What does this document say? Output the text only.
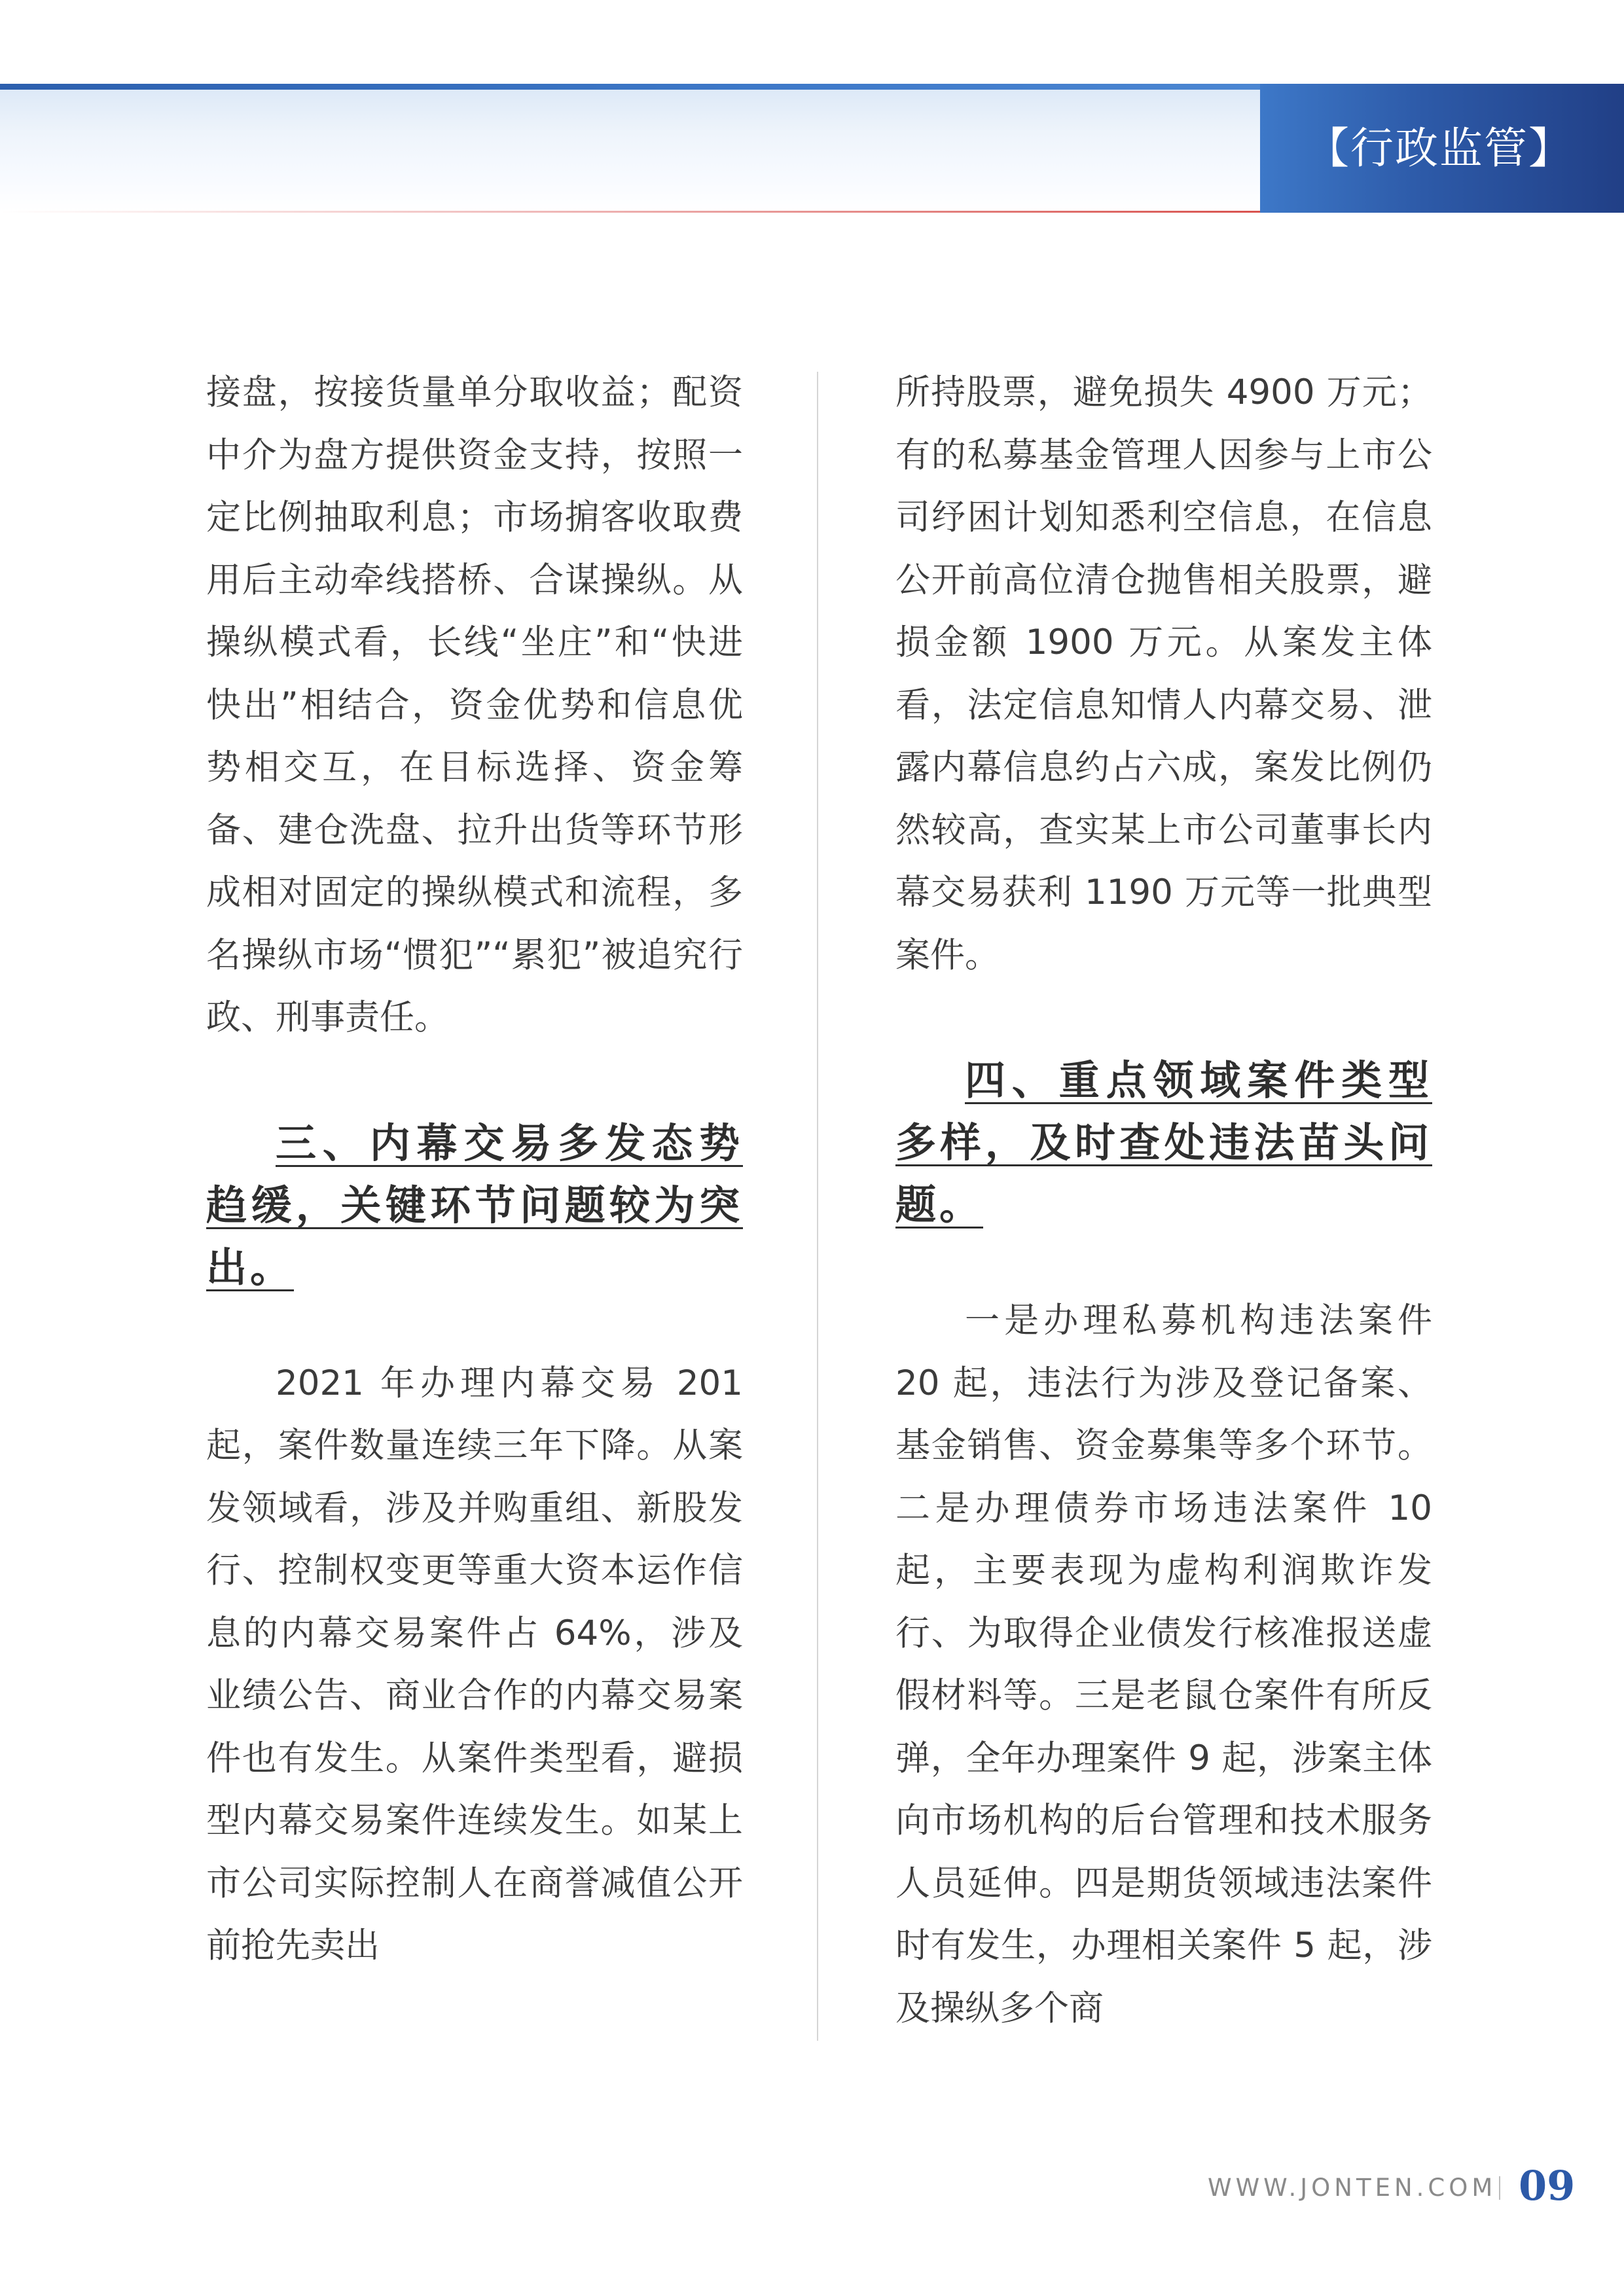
【行政监管】

接盘，按接货量单分取收益；配资中介为盘方提供资金支持，按照一定比例抽取利息；市场掮客收取费用后主动牵线搭桥、合谋操纵。从操纵模式看，长线“坐庄”和“快进快出”相结合，资金优势和信息优势相交互，在目标选择、资金筹备、建仓洗盘、拉升出货等环节形成相对固定的操纵模式和流程，多名操纵市场“惯犯”“累犯”被追究行政、刑事责任。

三、内幕交易多发态势趋缓，关键环节问题较为突出。

2021 年办理内幕交易 201 起，案件数量连续三年下降。从案发领域看，涉及并购重组、新股发行、控制权变更等重大资本运作信息的内幕交易案件占 64%，涉及业绩公告、商业合作的内幕交易案件也有发生。从案件类型看，避损型内幕交易案件连续发生。如某上市公司实际控制人在商誉减值公开前抢先卖出

所持股票，避免损失 4900 万元；有的私募基金管理人因参与上市公司纾困计划知悉利空信息，在信息公开前高位清仓抛售相关股票，避损金额 1900 万元。从案发主体看，法定信息知情人内幕交易、泄露内幕信息约占六成，案发比例仍然较高，查实某上市公司董事长内幕交易获利 1190 万元等一批典型案件。

四、重点领域案件类型多样，及时查处违法苗头问题。

一是办理私募机构违法案件 20 起，违法行为涉及登记备案、基金销售、资金募集等多个环节。二是办理债券市场违法案件 10 起，主要表现为虚构利润欺诈发行、为取得企业债发行核准报送虚假材料等。三是老鼠仓案件有所反弹，全年办理案件 9 起，涉案主体向市场机构的后台管理和技术服务人员延伸。四是期货领域违法案件时有发生，办理相关案件 5 起，涉及操纵多个商

WWW.JONTEN.COM 09
